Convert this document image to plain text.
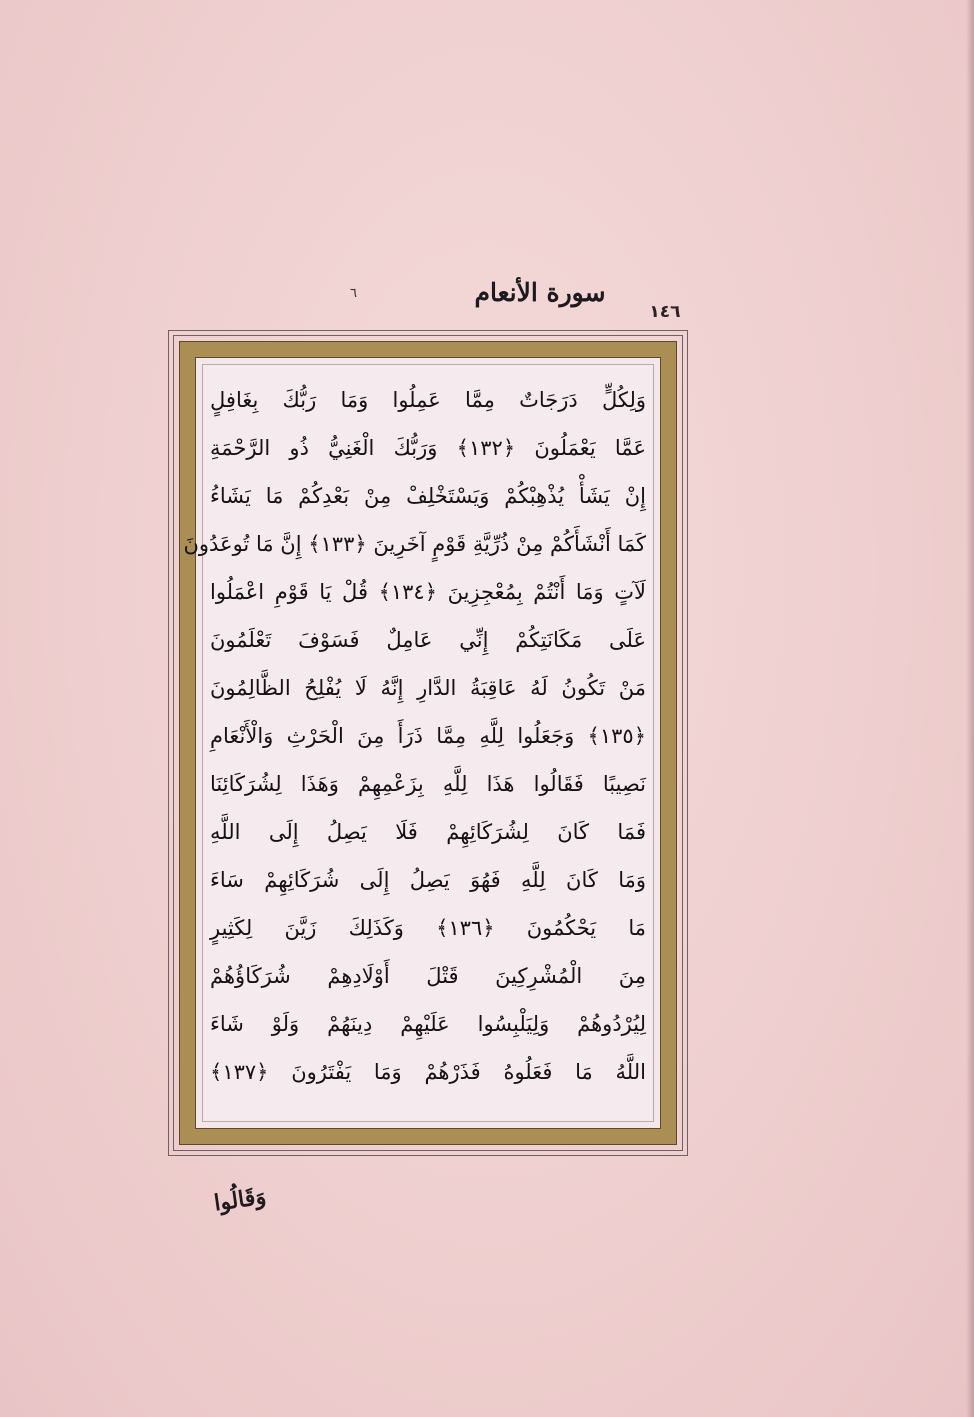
سورة الأنعام
٦
١٤٦
وَلِكُلٍّ دَرَجَاتٌ مِمَّا عَمِلُوا وَمَا رَبُّكَ بِغَافِلٍ
عَمَّا يَعْمَلُونَ ﴿١٣٢﴾ وَرَبُّكَ الْغَنِيُّ ذُو الرَّحْمَةِ
إِنْ يَشَأْ يُذْهِبْكُمْ وَيَسْتَخْلِفْ مِنْ بَعْدِكُمْ مَا يَشَاءُ
كَمَا أَنْشَأَكُمْ مِنْ ذُرِّيَّةِ قَوْمٍ آخَرِينَ ﴿١٣٣﴾ إِنَّ مَا تُوعَدُونَ
لَآتٍ وَمَا أَنْتُمْ بِمُعْجِزِينَ ﴿١٣٤﴾ قُلْ يَا قَوْمِ اعْمَلُوا
عَلَى مَكَانَتِكُمْ إِنِّي عَامِلٌ فَسَوْفَ تَعْلَمُونَ
مَنْ تَكُونُ لَهُ عَاقِبَةُ الدَّارِ إِنَّهُ لَا يُفْلِحُ الظَّالِمُونَ
﴿١٣٥﴾ وَجَعَلُوا لِلَّهِ مِمَّا ذَرَأَ مِنَ الْحَرْثِ وَالْأَنْعَامِ
نَصِيبًا فَقَالُوا هَذَا لِلَّهِ بِزَعْمِهِمْ وَهَذَا لِشُرَكَائِنَا
فَمَا كَانَ لِشُرَكَائِهِمْ فَلَا يَصِلُ إِلَى اللَّهِ
وَمَا كَانَ لِلَّهِ فَهُوَ يَصِلُ إِلَى شُرَكَائِهِمْ سَاءَ
مَا يَحْكُمُونَ ﴿١٣٦﴾ وَكَذَلِكَ زَيَّنَ لِكَثِيرٍ
مِنَ الْمُشْرِكِينَ قَتْلَ أَوْلَادِهِمْ شُرَكَاؤُهُمْ
لِيُرْدُوهُمْ وَلِيَلْبِسُوا عَلَيْهِمْ دِينَهُمْ وَلَوْ شَاءَ
اللَّهُ مَا فَعَلُوهُ فَذَرْهُمْ وَمَا يَفْتَرُونَ ﴿١٣٧﴾
وَقَالُوا
